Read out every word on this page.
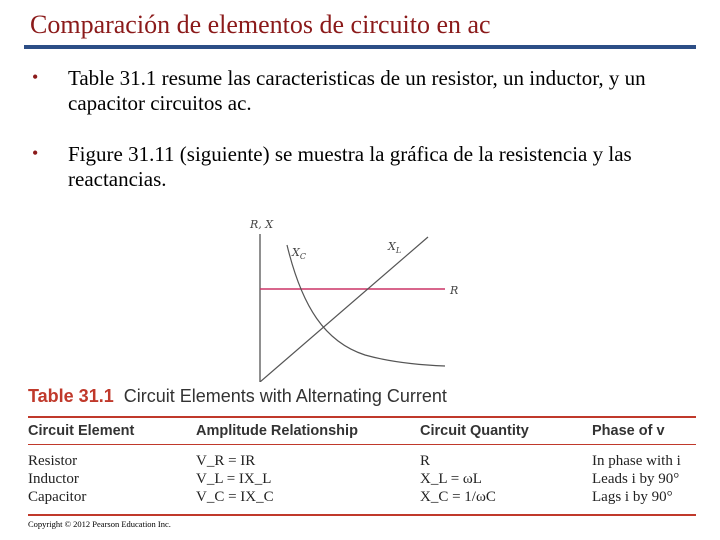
Comparación de elementos de circuito en ac
• Table 31.1 resume las caracteristicas de un resistor, un inductor, y un capacitor circuitos ac.
• Figure 31.11 (siguiente) se muestra la gráfica de la resistencia y las reactancias.
R, X
R
$X_C$
$X_L$
Table 31.1 Circuit Elements with Alternating Current
Circuit Element	Amplitude Relationship	Circuit Quantity	Phase of v
Resistor	V_R = IR	R	In phase with i
Inductor	V_L = IX_L	X_L = ωL	Leads i by 90°
Capacitor	V_C = IX_C	X_C = 1/ωC	Lags i by 90°
Copyright © 2012 Pearson Education Inc.
